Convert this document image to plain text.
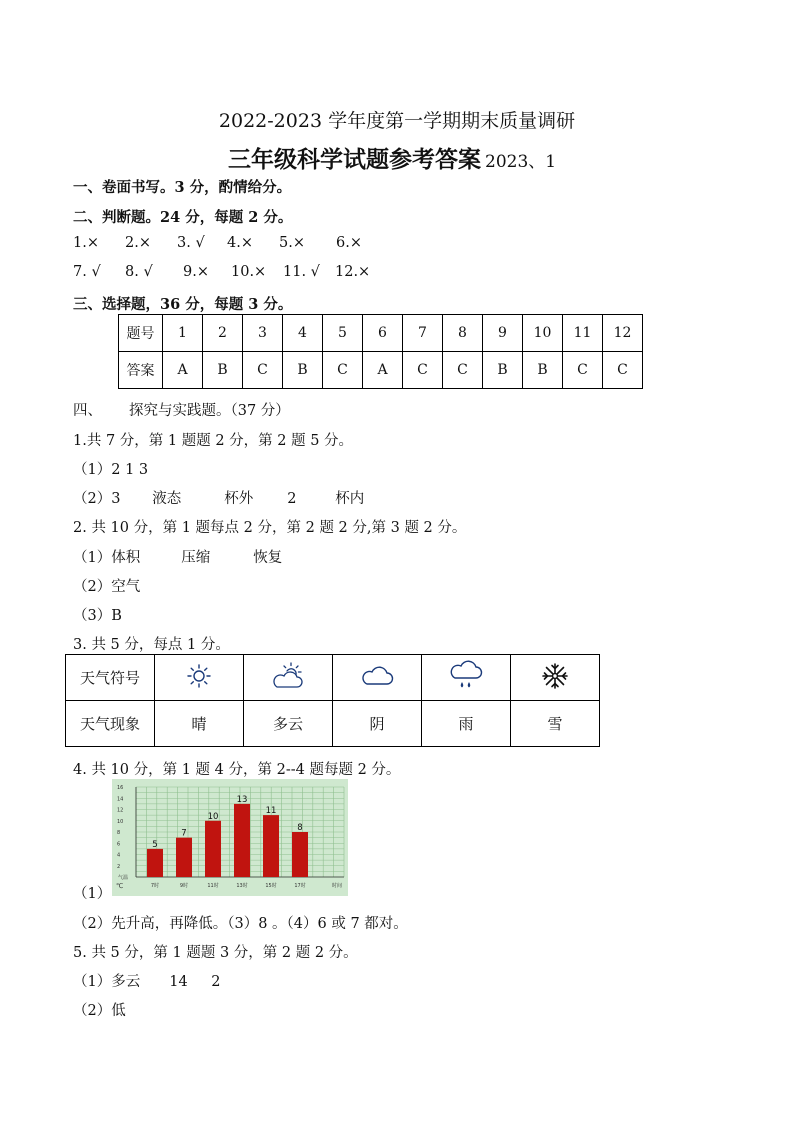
2022-2023 学年度第一学期期末质量调研
三年级科学试题参考答案 2023、1
一、卷面书写。3 分，酌情给分。
二、判断题。24 分，每题 2 分。
1.× 2.× 3. √ 4.× 5.× 6.×
7. √ 8. √ 9.× 10.× 11. √ 12.×
三、选择题，36 分，每题 3 分。
题号	1	2	3	4	5	6	7	8	9	10	11	12
答案	A	B	C	B	C	A	C	C	B	B	C	C
四、 探究与实践题。（37 分）
1.共 7 分，第 1 题题 2 分，第 2 题 5 分。
（1）2 1 3
（2）3 液态	杯外 2	杯内
2. 共 10 分，第 1 题每点 2 分，第 2 题 2 分,第 3 题 2 分。
（1）体积	压缩	恢复
（2）空气
（3）B
3. 共 5 分，每点 1 分。
天气符号					
天气现象	晴	多云	阴	雨	雪
4. 共 10 分，第 1 题 4 分，第 2--4 题每题 2 分。
（1）
2
4
6
8
10
12
14
16
气温
℃
5
7时
7
9时
10
11时
13
13时
11
15时
8
17时	时间
（2）先升高，再降低。（3）8 。（4）6 或 7 都对。
5. 共 5 分，第 1 题题 3 分，第 2 题 2 分。
（1）多云 14 2
（2）低
